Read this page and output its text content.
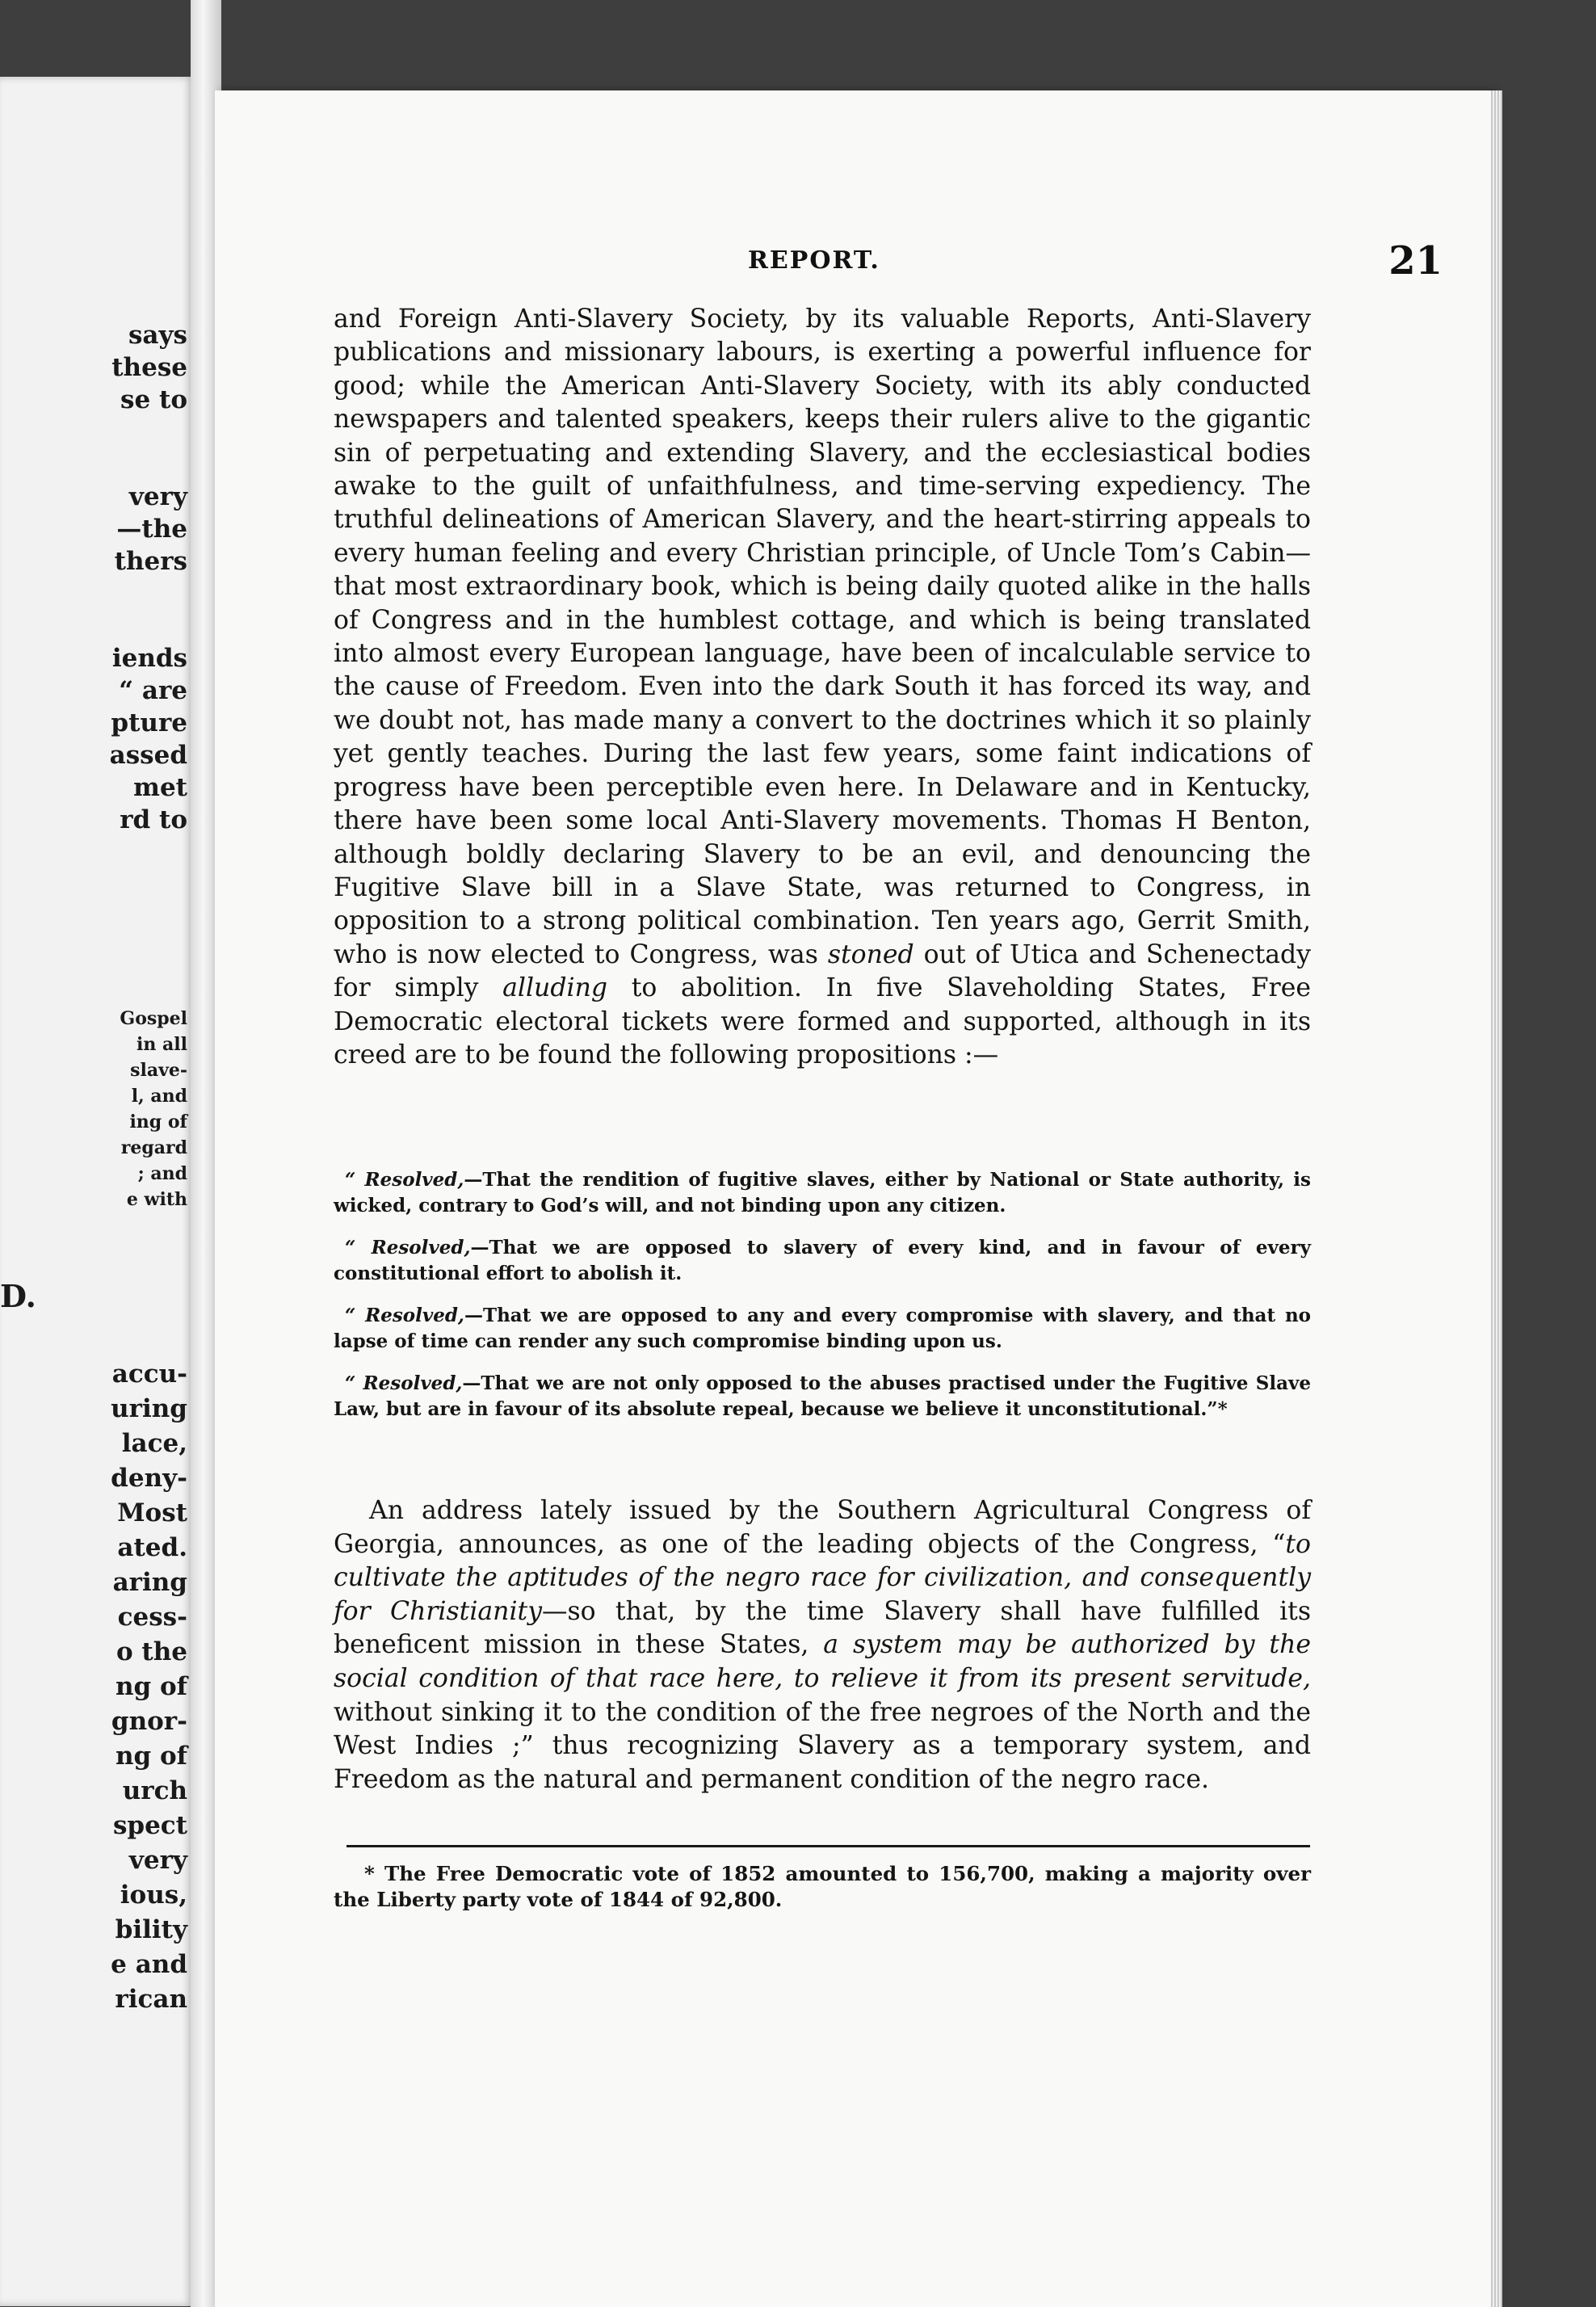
says
these
se to

very
—the
thers

iends
“ are
pture
assed
met
rd to
Gospel
in all
slave-
l, and
ing of
regard
; and
e with
D.
accu-
uring
lace,
deny-
Most
ated.
aring
cess-
o the
ng of
gnor-
ng of
urch
spect
very
ious,
bility
e and
rican
REPORT.	21

and Foreign Anti-Slavery Society, by its valuable Reports, Anti-Slavery publications and missionary labours, is exerting a powerful influence for good; while the American Anti-Slavery Society, with its ably conducted newspapers and talented speakers, keeps their rulers alive to the gigantic sin of perpetuating and extending Slavery, and the ecclesiastical bodies awake to the guilt of unfaithfulness, and time-serving expediency. The truthful delineations of American Slavery, and the heart-stirring appeals to every human feeling and every Christian principle, of Uncle Tom’s Cabin—that most extraordinary book, which is being daily quoted alike in the halls of Congress and in the humblest cottage, and which is being translated into almost every European language, have been of incalculable service to the cause of Freedom. Even into the dark South it has forced its way, and we doubt not, has made many a convert to the doctrines which it so plainly yet gently teaches. During the last few years, some faint indications of progress have been perceptible even here. In Delaware and in Kentucky, there have been some local Anti-Slavery movements. Thomas H Benton, although boldly declaring Slavery to be an evil, and denouncing the Fugitive Slave bill in a Slave State, was returned to Congress, in opposition to a strong political combination. Ten years ago, Gerrit Smith, who is now elected to Congress, was stoned out of Utica and Schenectady for simply alluding to abolition. In five Slaveholding States, Free Democratic electoral tickets were formed and supported, although in its creed are to be found the following propositions :—

“ Resolved,—That the rendition of fugitive slaves, either by National or State authority, is wicked, contrary to God’s will, and not binding upon any citizen.

“ Resolved,—That we are opposed to slavery of every kind, and in favour of every constitutional effort to abolish it.

“ Resolved,—That we are opposed to any and every compromise with slavery, and that no lapse of time can render any such compromise binding upon us.

“ Resolved,—That we are not only opposed to the abuses practised under the Fugitive Slave Law, but are in favour of its absolute repeal, because we believe it unconstitutional.”*

An address lately issued by the Southern Agricultural Congress of Georgia, announces, as one of the leading objects of the Congress, “to cultivate the aptitudes of the negro race for civilization, and consequently for Christianity—so that, by the time Slavery shall have fulfilled its beneficent mission in these States, a system may be authorized by the social condition of that race here, to relieve it from its present servitude, without sinking it to the condition of the free negroes of the North and the West Indies ;” thus recognizing Slavery as a temporary system, and Freedom as the natural and permanent condition of the negro race.

* The Free Democratic vote of 1852 amounted to 156,700, making a majority over the Liberty party vote of 1844 of 92,800.
